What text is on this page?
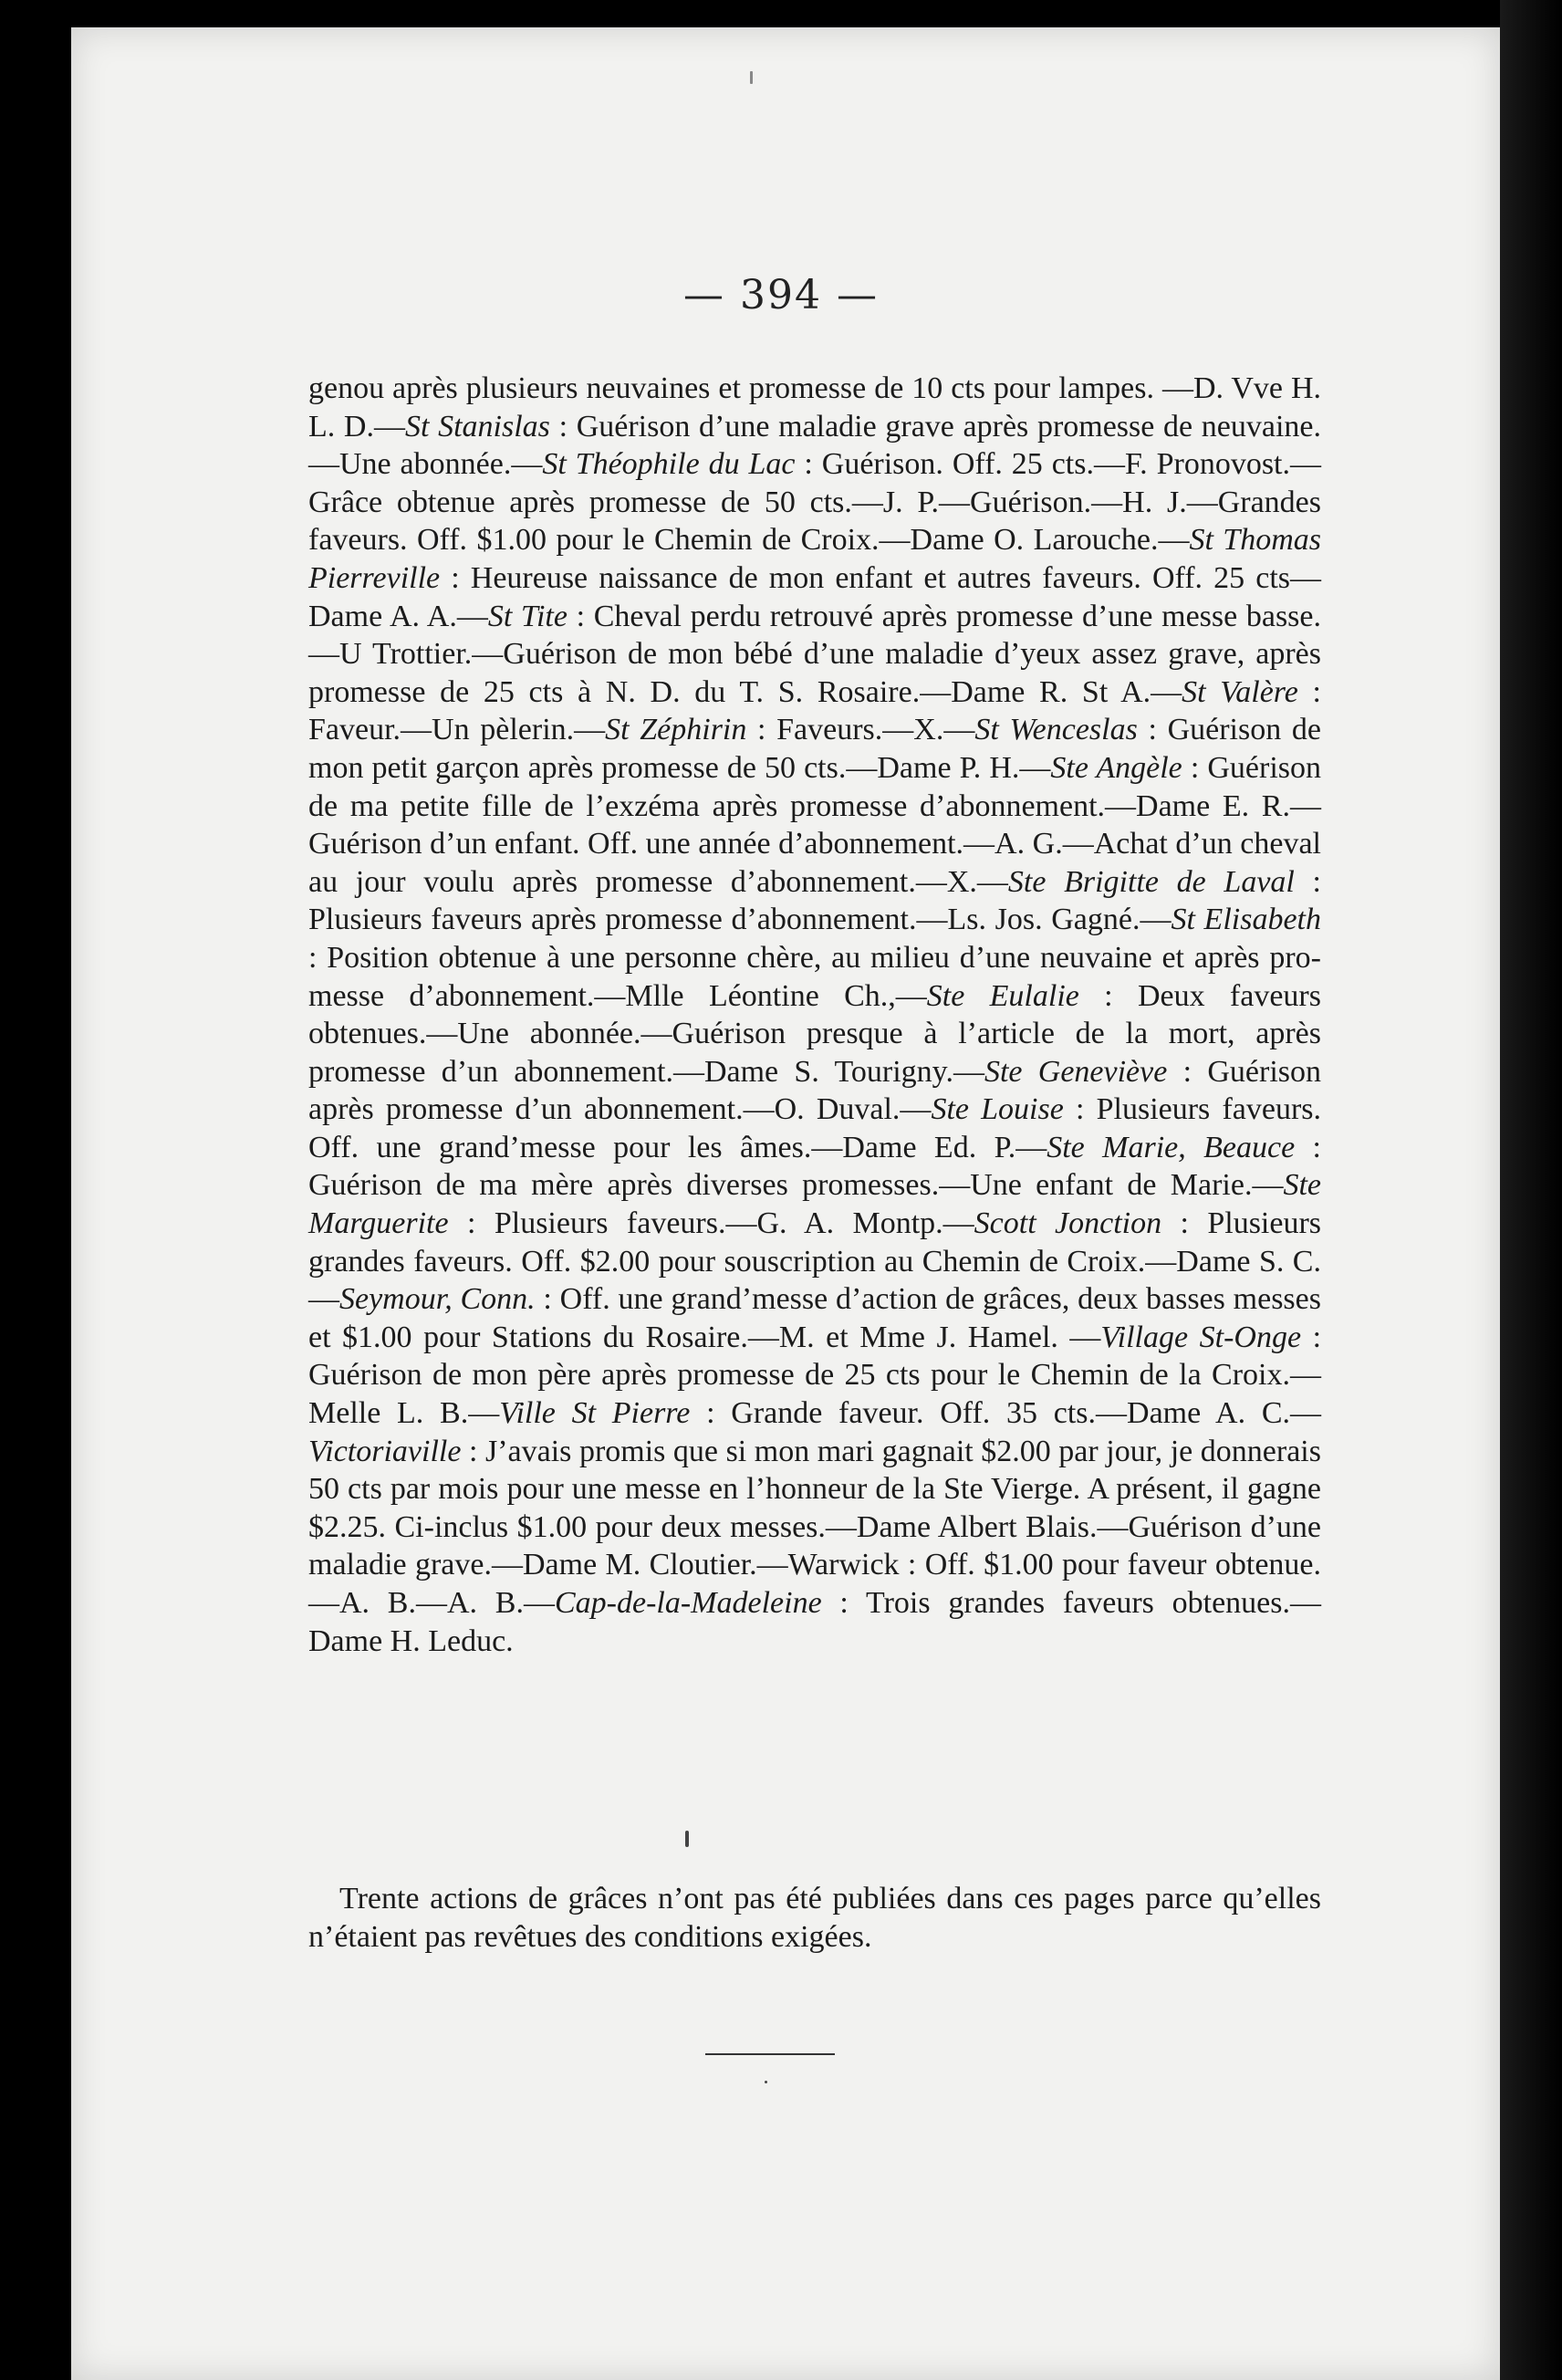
— 394 —

genou après plusieurs neuvaines et promesse de 10 cts pour lampes. —D. Vve H. L. D.—St Stanislas : Guérison d’une maladie grave après promesse de neuvaine.—Une abonnée.—St Théophile du Lac : Guérison. Off. 25 cts.—F. Pronovost.—Grâce obtenue après promesse de 50 cts.—J. P.—Guérison.—H. J.—Grandes faveurs. Off. $1.00 pour le Chemin de Croix.—Dame O. Larouche.—St Thomas Pierreville : Heureuse naissance de mon enfant et autres faveurs. Off. 25 cts—Dame A. A.—St Tite : Cheval perdu retrouvé après promesse d’une messe basse.—U Trottier.—Guérison de mon bébé d’une maladie d’yeux assez grave, après promesse de 25 cts à N. D. du T. S. Rosaire.—Dame R. St A.—St Valère : Faveur.—Un pèlerin.—St Zéphirin : Faveurs.—X.—St Wenceslas : Guérison de mon petit garçon après promesse de 50 cts.—Dame P. H.—Ste Angèle : Guérison de ma petite fille de l’exzéma après promesse d’abonnement.—Dame E. R.—Guérison d’un enfant. Off. une année d’abonnement.—A. G.—Achat d’un cheval au jour voulu après promesse d’abonnement.—X.—Ste Brigitte de Laval : Plusieurs faveurs après promesse d’abonnement.—Ls. Jos. Gagné.—St Elisabeth : Position obtenue à une personne chère, au milieu d’une neuvaine et après promesse d’abonnement.—Mlle Léontine Ch.,—Ste Eulalie : Deux faveurs obtenues.—Une abonnée.—Guérison presque à l’article de la mort, après promesse d’un abonnement.—Dame S. Tourigny.—Ste Geneviève : Guérison après promesse d’un abonnement.—O. Duval.—Ste Louise : Plusieurs faveurs. Off. une grand’messe pour les âmes.—Dame Ed. P.—Ste Marie, Beauce : Guérison de ma mère après diverses promesses.—Une enfant de Marie.—Ste Marguerite : Plusieurs faveurs.—G. A. Montp.—Scott Jonction : Plusieurs grandes faveurs. Off. $2.00 pour souscription au Chemin de Croix.—Dame S. C.—Seymour, Conn. : Off. une grand’messe d’action de grâces, deux basses messes et $1.00 pour Stations du Rosaire.—M. et Mme J. Hamel. —Village St-Onge : Guérison de mon père après promesse de 25 cts pour le Chemin de la Croix.—Melle L. B.—Ville St Pierre : Grande faveur. Off. 35 cts.—Dame A. C.—Victoriaville : J’avais promis que si mon mari gagnait $2.00 par jour, je donnerais 50 cts par mois pour une messe en l’honneur de la Ste Vierge. A présent, il gagne $2.25. Ci-inclus $1.00 pour deux messes.—Dame Albert Blais.—Guérison d’une maladie grave.—Dame M. Cloutier.—Warwick : Off. $1.00 pour faveur obtenue.—A. B.—A. B.—Cap-de-la-Madeleine : Trois grandes faveurs obtenues.—Dame H. Leduc.

Trente actions de grâces n’ont pas été publiées dans ces pages parce qu’elles n’étaient pas revêtues des conditions exigées.
